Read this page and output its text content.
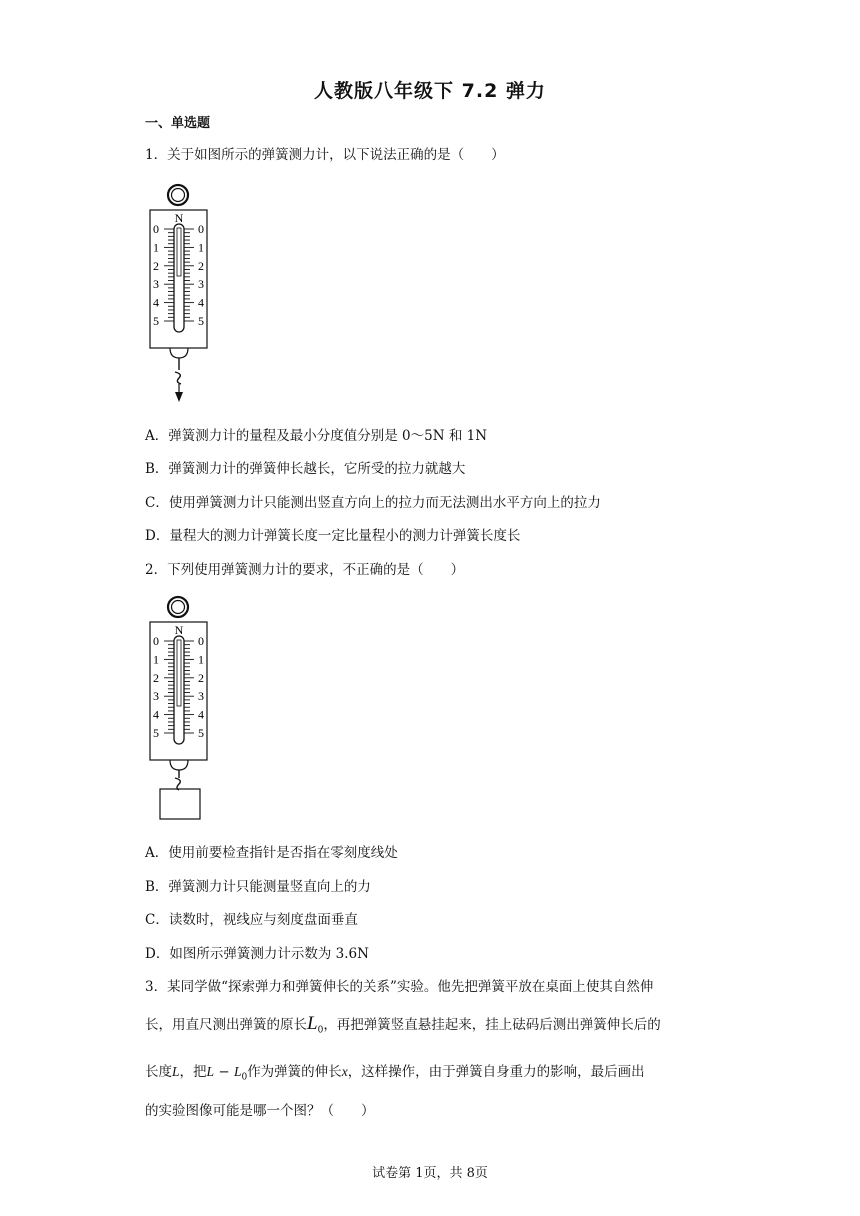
人教版八年级下 7.2 弹力
一、单选题
1．关于如图所示的弹簧测力计，以下说法正确的是（　　）
N
0	0
1	1
2	2
3	3
4	4
5	5
A．弹簧测力计的量程及最小分度值分别是 0～5N 和 1N
B．弹簧测力计的弹簧伸长越长，它所受的拉力就越大
C．使用弹簧测力计只能测出竖直方向上的拉力而无法测出水平方向上的拉力
D．量程大的测力计弹簧长度一定比量程小的测力计弹簧长度长
2．下列使用弹簧测力计的要求，不正确的是（　　）
N
0	0
1	1
2	2
3	3
4	4
5	5
A．使用前要检查指针是否指在零刻度线处
B．弹簧测力计只能测量竖直向上的力
C．读数时，视线应与刻度盘面垂直
D．如图所示弹簧测力计示数为 3.6N
3．某同学做“探索弹力和弹簧伸长的关系”实验。他先把弹簧平放在桌面上使其自然伸
长，用直尺测出弹簧的原长$L_0$，再把弹簧竖直悬挂起来，挂上砝码后测出弹簧伸长后的
长度L，把$L - L_0$作为弹簧的伸长x，这样操作，由于弹簧自身重力的影响，最后画出
的实验图像可能是哪一个图？（　　）
试卷第 1页，共 8页
